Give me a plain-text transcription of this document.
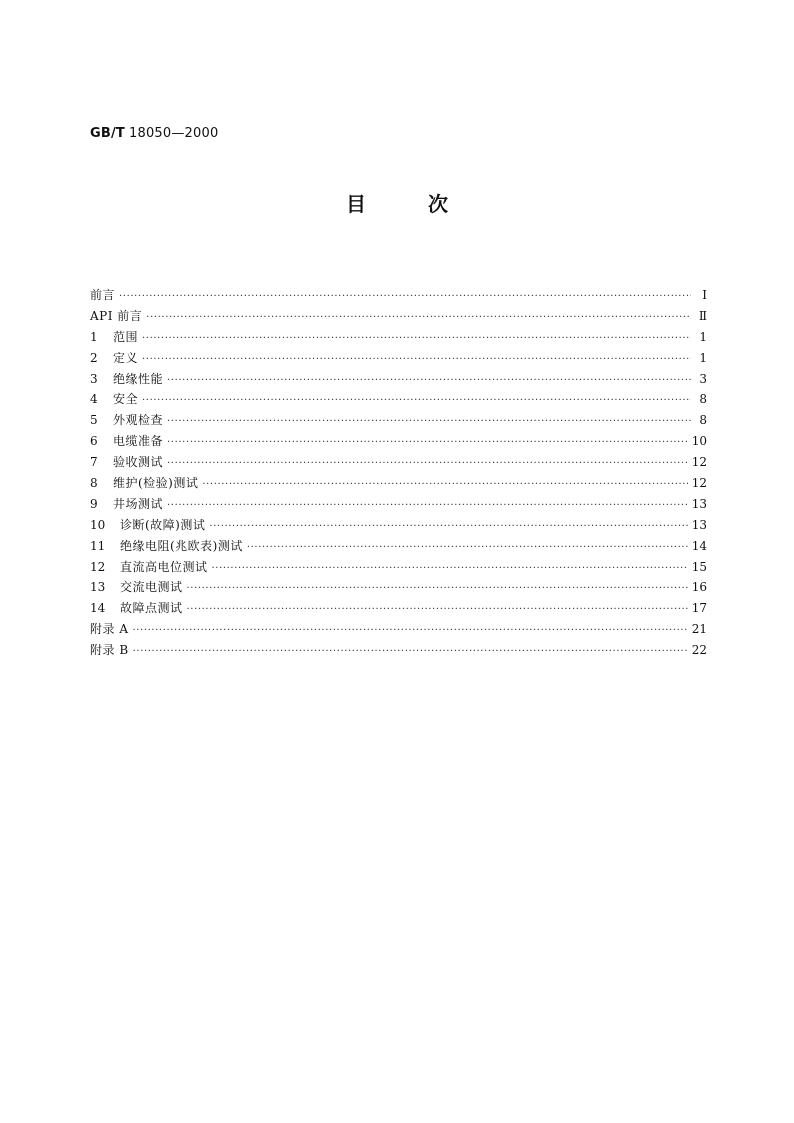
GB/T 18050—2000
目次
前言 ·····	Ⅰ
API 前言 ·····	Ⅱ
1	范围 ·····	1
2	定义 ·····	1
3	绝缘性能 ·····	3
4	安全 ·····	8
5	外观检查 ·····	8
6	电缆准备 ·····	10
7	验收测试 ·····	12
8	维护(检验)测试 ·····	12
9	井场测试 ·····	13
10	诊断(故障)测试 ·····	13
11	绝缘电阻(兆欧表)测试 ·····	14
12	直流高电位测试 ·····	15
13	交流电测试 ·····	16
14	故障点测试 ·····	17
附录 A ·····	21
附录 B ·····	22
